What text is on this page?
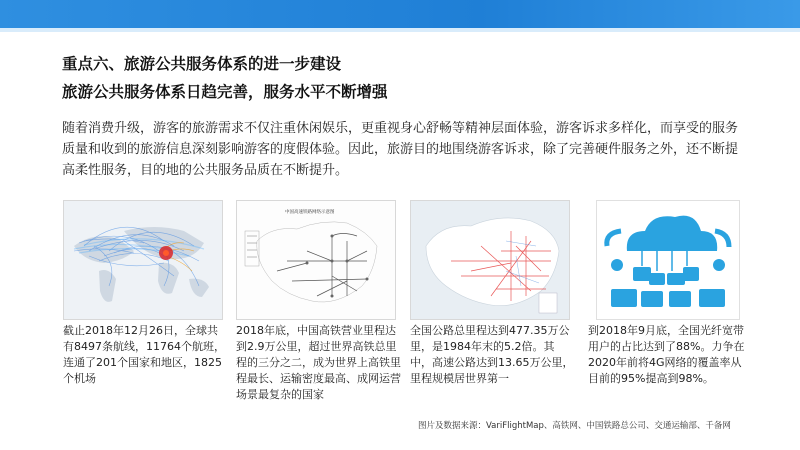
重点六、旅游公共服务体系的进一步建设
旅游公共服务体系日趋完善，服务水平不断增强
随着消费升级，游客的旅游需求不仅注重休闲娱乐，更重视身心舒畅等精神层面体验，游客诉求多样化，而享受的服务质量和收到的旅游信息深刻影响游客的度假体验。因此，旅游目的地围绕游客诉求，除了完善硬件服务之外，还不断提高柔性服务，目的地的公共服务品质在不断提升。
中国高速铁路网络示意图
截止2018年12月26日，全球共有8497条航线，11764个航班，连通了201个国家和地区，1825个机场
2018年底，中国高铁营业里程达到2.9万公里，超过世界高铁总里程的三分之二，成为世界上高铁里程最长、运输密度最高、成网运营场景最复杂的国家
全国公路总里程达到477.35万公里，是1984年末的5.2倍。其中，高速公路达到13.65万公里，里程规模居世界第一
到2018年9月底，全国光纤宽带用户的占比达到了88%。力争在2020年前将4G网络的覆盖率从目前的95%提高到98%。
图片及数据来源：VariFlightMap、高铁网、中国铁路总公司、交通运输部、千备网
